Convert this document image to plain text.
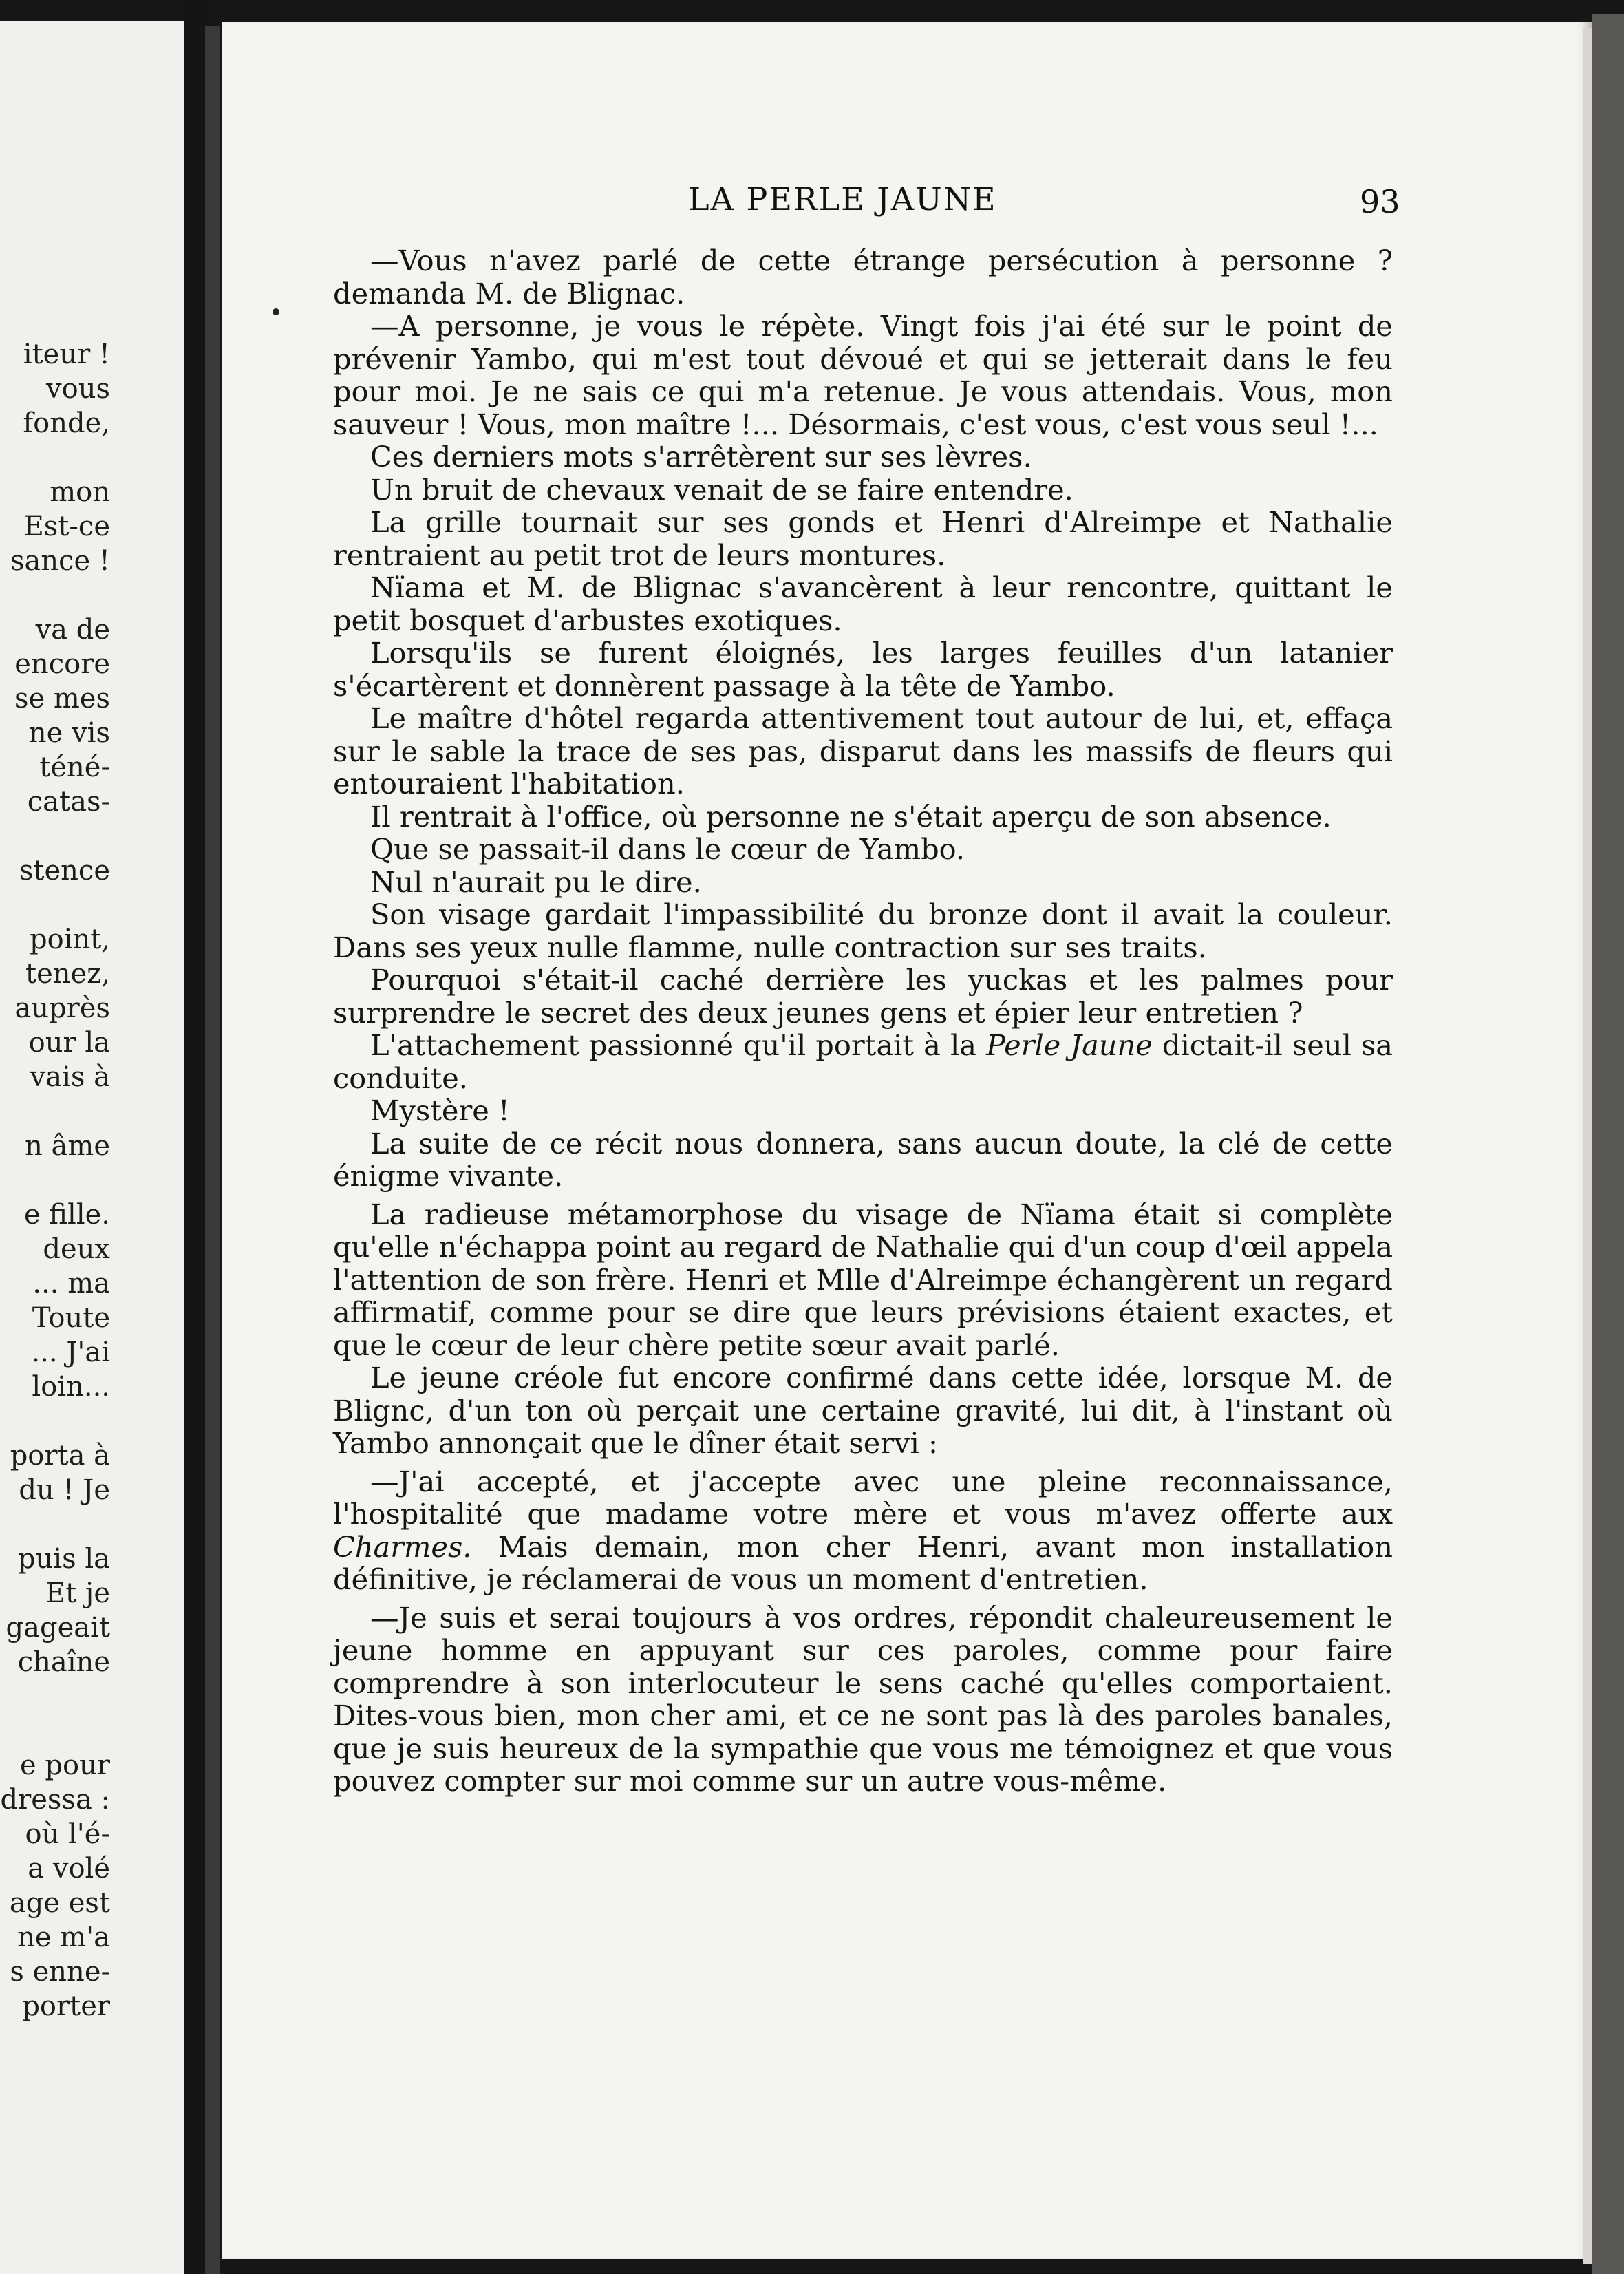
iteur !
vous
fonde,
mon
Est-ce
sance !
va de
encore
se mes
ne vis
téné-
catas-
stence
point,
tenez,
auprès
our la
vais à
n âme
e fille.
deux
... ma
Toute
... J'ai
loin...
porta à
du ! Je
puis la
Et je
gageait
chaîne
e pour
dressa :
où l'é-
a volé
age est
ne m'a
s enne-
porter
LA PERLE JAUNE	93

—Vous n'avez parlé de cette étrange persécution à personne ? demanda M. de Blignac.

—A personne, je vous le répète. Vingt fois j'ai été sur le point de prévenir Yambo, qui m'est tout dévoué et qui se jetterait dans le feu pour moi. Je ne sais ce qui m'a retenue. Je vous attendais. Vous, mon sauveur ! Vous, mon maître !... Désormais, c'est vous, c'est vous seul !...

Ces derniers mots s'arrêtèrent sur ses lèvres.

Un bruit de chevaux venait de se faire entendre.

La grille tournait sur ses gonds et Henri d'Alreimpe et Nathalie rentraient au petit trot de leurs montures.

Nïama et M. de Blignac s'avancèrent à leur rencontre, quittant le petit bosquet d'arbustes exotiques.

Lorsqu'ils se furent éloignés, les larges feuilles d'un latanier s'écartèrent et donnèrent passage à la tête de Yambo.

Le maître d'hôtel regarda attentivement tout autour de lui, et, effaça sur le sable la trace de ses pas, disparut dans les massifs de fleurs qui entouraient l'habitation.

Il rentrait à l'office, où personne ne s'était aperçu de son absence.

Que se passait-il dans le cœur de Yambo.

Nul n'aurait pu le dire.

Son visage gardait l'impassibilité du bronze dont il avait la couleur. Dans ses yeux nulle flamme, nulle contraction sur ses traits.

Pourquoi s'était-il caché derrière les yuckas et les palmes pour surprendre le secret des deux jeunes gens et épier leur entretien ?

L'attachement passionné qu'il portait à la Perle Jaune dictait-il seul sa conduite.

Mystère !

La suite de ce récit nous donnera, sans aucun doute, la clé de cette énigme vivante.

La radieuse métamorphose du visage de Nïama était si complète qu'elle n'échappa point au regard de Nathalie qui d'un coup d'œil appela l'attention de son frère. Henri et Mlle d'Alreimpe échangèrent un regard affirmatif, comme pour se dire que leurs prévisions étaient exactes, et que le cœur de leur chère petite sœur avait parlé.

Le jeune créole fut encore confirmé dans cette idée, lorsque M. de Blignc, d'un ton où perçait une certaine gravité, lui dit, à l'instant où Yambo annonçait que le dîner était servi :

—J'ai accepté, et j'accepte avec une pleine reconnaissance, l'hospitalité que madame votre mère et vous m'avez offerte aux Charmes. Mais demain, mon cher Henri, avant mon installation définitive, je réclamerai de vous un moment d'entretien.

—Je suis et serai toujours à vos ordres, répondit chaleureusement le jeune homme en appuyant sur ces paroles, comme pour faire comprendre à son interlocuteur le sens caché qu'elles comportaient. Dites-vous bien, mon cher ami, et ce ne sont pas là des paroles banales, que je suis heureux de la sympathie que vous me témoignez et que vous pouvez compter sur moi comme sur un autre vous-même.
